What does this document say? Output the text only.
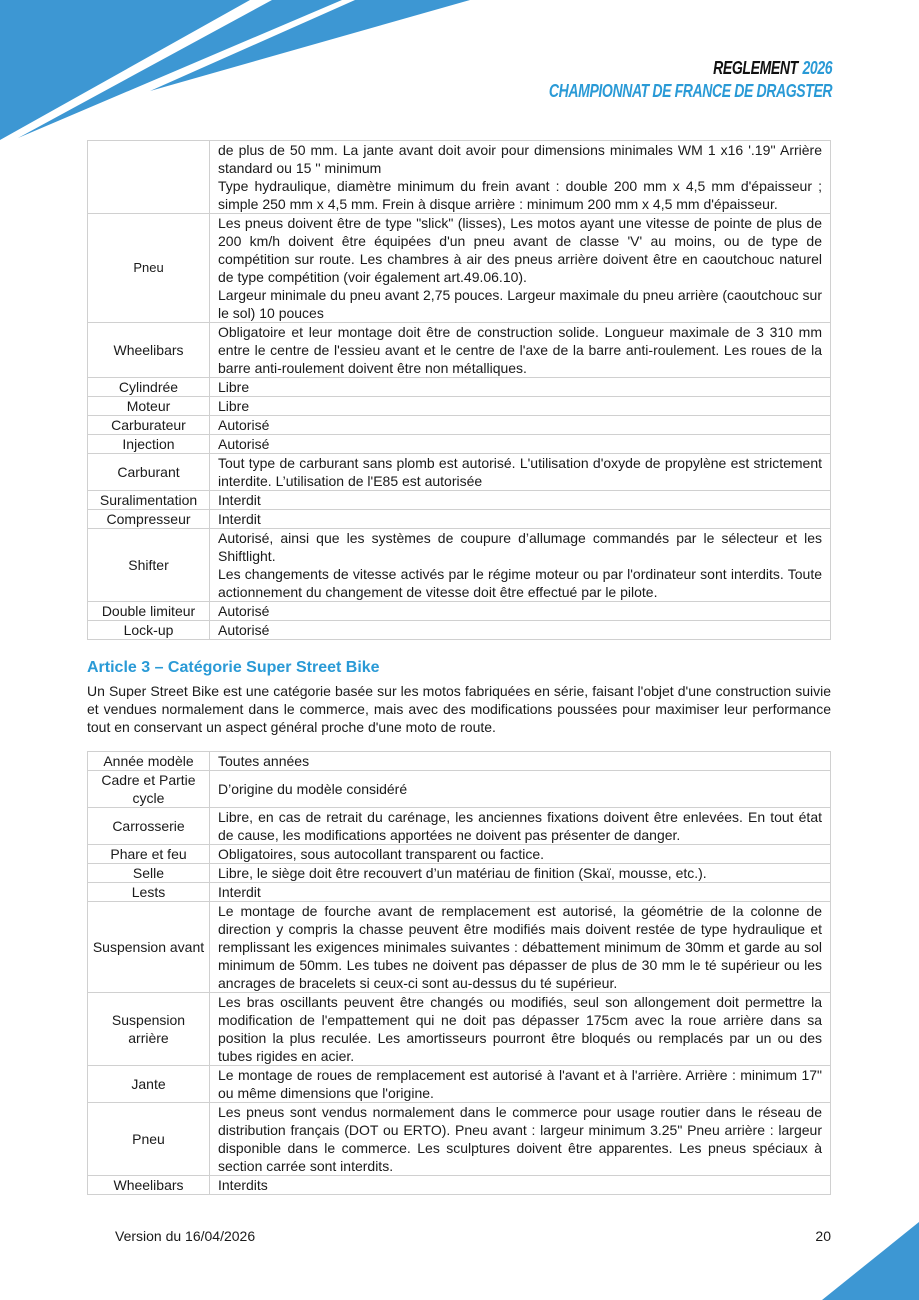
REGLEMENT 2026
CHAMPIONNAT DE FRANCE DE DRAGSTER

	de plus de 50 mm. La jante avant doit avoir pour dimensions minimales WM 1 x16 '.19'' Arrière standard ou 15 '' minimum
Type hydraulique, diamètre minimum du frein avant : double 200 mm x 4,5 mm d'épaisseur ; simple 250 mm x 4,5 mm. Frein à disque arrière : minimum 200 mm x 4,5 mm d'épaisseur.

Pneu	Les pneus doivent être de type "slick" (lisses), Les motos ayant une vitesse de pointe de plus de 200 km/h doivent être équipées d'un pneu avant de classe 'V' au moins, ou de type de compétition sur route. Les chambres à air des pneus arrière doivent être en caoutchouc naturel de type compétition (voir également art.49.06.10).
Largeur minimale du pneu avant 2,75 pouces. Largeur maximale du pneu arrière (caoutchouc sur le sol) 10 pouces

Wheelibars	Obligatoire et leur montage doit être de construction solide. Longueur maximale de 3 310 mm entre le centre de l'essieu avant et le centre de l'axe de la barre anti-roulement. Les roues de la barre anti-roulement doivent être non métalliques.

Cylindrée	Libre

Moteur	Libre

Carburateur	Autorisé

Injection	Autorisé

Carburant	Tout type de carburant sans plomb est autorisé. L'utilisation d'oxyde de propylène est strictement interdite. L’utilisation de l'E85 est autorisée

Suralimentation	Interdit

Compresseur	Interdit

Shifter	Autorisé, ainsi que les systèmes de coupure d’allumage commandés par le sélecteur et les Shiftlight.
Les changements de vitesse activés par le régime moteur ou par l'ordinateur sont interdits. Toute actionnement du changement de vitesse doit être effectué par le pilote.

Double limiteur	Autorisé

Lock-up	Autorisé
Article 3 – Catégorie Super Street Bike
Un Super Street Bike est une catégorie basée sur les motos fabriquées en série, faisant l'objet d'une construction suivie et vendues normalement dans le commerce, mais avec des modifications poussées pour maximiser leur performance tout en conservant un aspect général proche d'une moto de route.
Année modèle	Toutes années

Cadre et Partie cycle	D’origine du modèle considéré

Carrosserie	Libre, en cas de retrait du carénage, les anciennes fixations doivent être enlevées. En tout état de cause, les modifications apportées ne doivent pas présenter de danger.

Phare et feu	Obligatoires, sous autocollant transparent ou factice.

Selle	Libre, le siège doit être recouvert d’un matériau de finition (Skaï, mousse, etc.).

Lests	Interdit

Suspension avant	Le montage de fourche avant de remplacement est autorisé, la géométrie de la colonne de direction y compris la chasse peuvent être modifiés mais doivent restée de type hydraulique et remplissant les exigences minimales suivantes : débattement minimum de 30mm et garde au sol minimum de 50mm. Les tubes ne doivent pas dépasser de plus de 30 mm le té supérieur ou les ancrages de bracelets si ceux-ci sont au-dessus du té supérieur.

Suspension arrière	Les bras oscillants peuvent être changés ou modifiés, seul son allongement doit permettre la modification de l'empattement qui ne doit pas dépasser 175cm avec la roue arrière dans sa position la plus reculée. Les amortisseurs pourront être bloqués ou remplacés par un ou des tubes rigides en acier.

Jante	Le montage de roues de remplacement est autorisé à l'avant et à l'arrière. Arrière : minimum 17" ou même dimensions que l'origine.

Pneu	Les pneus sont vendus normalement dans le commerce pour usage routier dans le réseau de distribution français (DOT ou ERTO). Pneu avant : largeur minimum 3.25" Pneu arrière : largeur disponible dans le commerce. Les sculptures doivent être apparentes. Les pneus spéciaux à section carrée sont interdits.

Wheelibars	Interdits
Version du 16/04/2026	20
